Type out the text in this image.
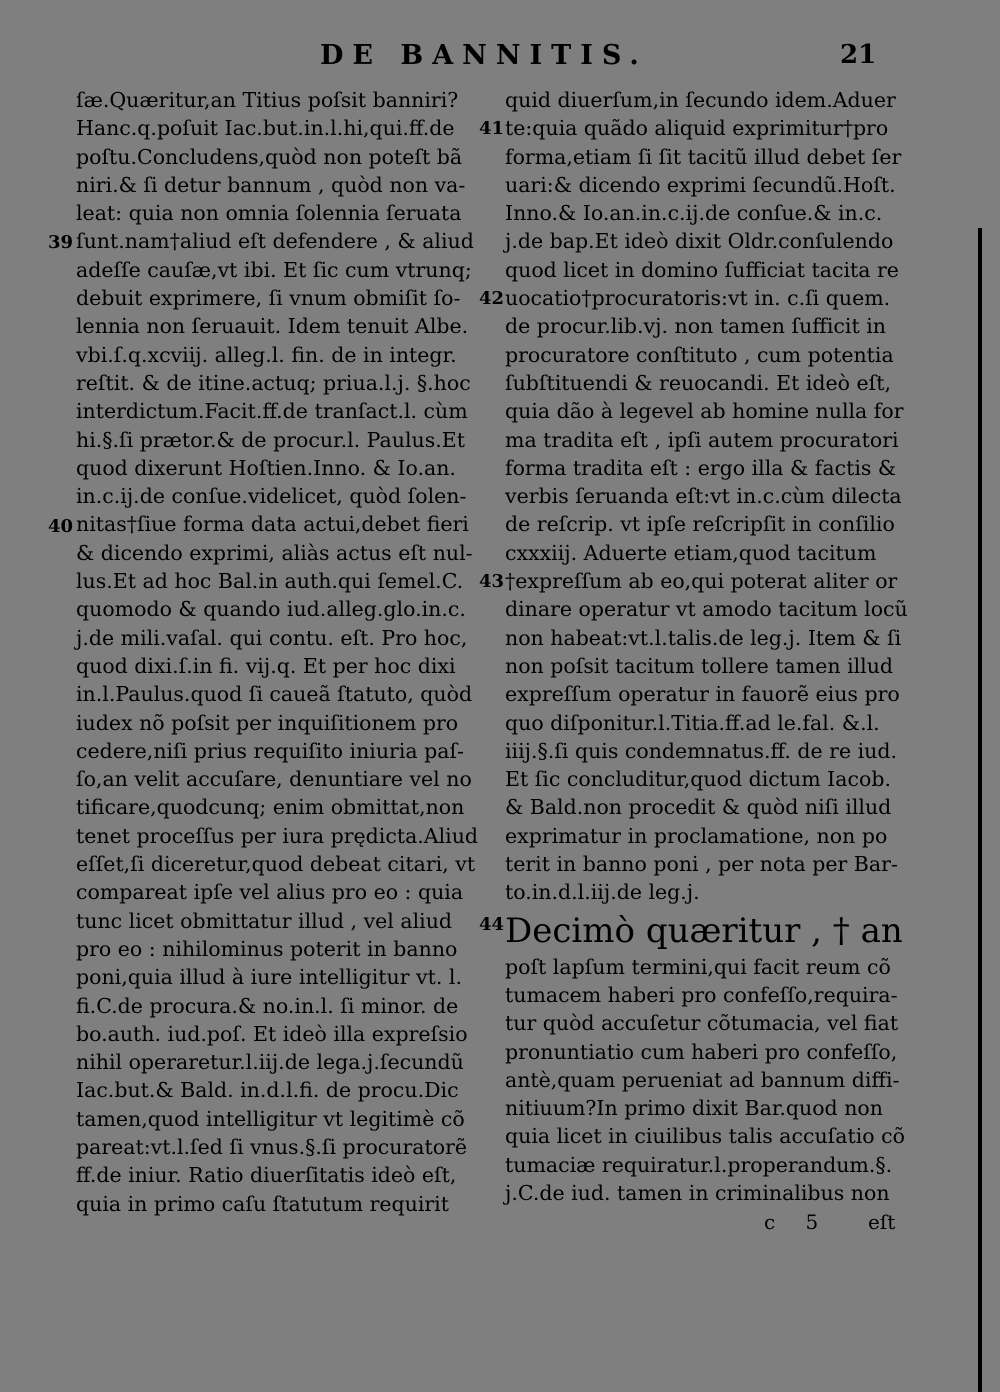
DE BANNITIS.	21
39
40
41
42
43
44
ſæ.Quæritur,an Titius poſsit banniri?
Hanc.q.poſuit Iac.but.in.l.hi,qui.ff.de
poſtu.Concludens,quòd non poteſt bã
niri.& ſi detur bannum , quòd non va-
leat: quia non omnia ſolennia ſeruata
ſunt.nam†aliud eſt defendere , & aliud
adeſſe cauſæ,vt ibi. Et ſic cum vtrunq;
debuit exprimere, ſi vnum obmiſit ſo-
lennia non ſeruauit. Idem tenuit Albe.
vbi.ſ.q.xcviij. alleg.l. fin. de in integr.
reſtit. & de itine.actuq; priua.l.j. §.hoc
interdictum.Facit.ff.de tranſact.l. cùm
hi.§.ſi prætor.& de procur.l. Paulus.Et
quod dixerunt Hoſtien.Inno. & Io.an.
in.c.ij.de conſue.videlicet, quòd ſolen-
nitas†ſiue forma data actui,debet fieri
& dicendo exprimi, aliàs actus eſt nul-
lus.Et ad hoc Bal.in auth.qui ſemel.C.
quomodo & quando iud.alleg.glo.in.c.
j.de mili.vaſal. qui contu. eſt. Pro hoc,
quod dixi.ſ.in fi. vij.q. Et per hoc dixi
in.l.Paulus.quod ſi caueã ſtatuto, quòd
iudex nõ poſsit per inquiſitionem pro
cedere,niſi prius requiſito iniuria paſ-
ſo,an velit accuſare, denuntiare vel no
tificare,quodcunq; enim obmittat,non
tenet proceſſus per iura prędicta.Aliud
eſſet,ſi diceretur,quod debeat citari, vt
compareat ipſe vel alius pro eo : quia
tunc licet obmittatur illud , vel aliud
pro eo : nihilominus poterit in banno
poni,quia illud à iure intelligitur vt. l.
fi.C.de procura.& no.in.l. ſi minor. de
bo.auth. iud.poſ. Et ideò illa expreſsio
nihil operaretur.l.iij.de lega.j.ſecundũ
Iac.but.& Bald. in.d.l.fi. de procu.Dic
tamen,quod intelligitur vt legitimè cõ
pareat:vt.l.ſed ſi vnus.§.ſi procuratorẽ
ff.de iniur. Ratio diuerſitatis ideò eſt,
quia in primo caſu ſtatutum requirit
quid diuerſum,in ſecundo idem.Aduer
te:quia quãdo aliquid exprimitur†pro
forma,etiam ſi ſit tacitũ illud debet ſer
uari:& dicendo exprimi ſecundũ.Hoſt.
Inno.& Io.an.in.c.ij.de conſue.& in.c.
j.de bap.Et ideò dixit Oldr.conſulendo
quod licet in domino ſufficiat tacita re
uocatio†procuratoris:vt in. c.ſi quem.
de procur.lib.vj. non tamen ſufficit in
procuratore conſtituto , cum potentia
ſubſtituendi & reuocandi. Et ideò eſt,
quia dão à legevel ab homine nulla for
ma tradita eſt , ipſi autem procuratori
forma tradita eſt : ergo illa & factis &
verbis ſeruanda eſt:vt in.c.cùm dilecta
de reſcrip. vt ipſe reſcripſit in conſilio
cxxxiij. Aduerte etiam,quod tacitum
†expreſſum ab eo,qui poterat aliter or
dinare operatur vt amodo tacitum locũ
non habeat:vt.l.talis.de leg.j. Item & ſi
non poſsit tacitum tollere tamen illud
expreſſum operatur in fauorẽ eius pro
quo diſponitur.l.Titia.ff.ad le.fal. &.l.
iiij.§.ſi quis condemnatus.ff. de re iud.
Et ſic concluditur,quod dictum Iacob.
& Bald.non procedit & quòd niſi illud
exprimatur in proclamatione, non po
terit in banno poni , per nota per Bar-
to.in.d.l.iij.de leg.j.
Decimò quæritur , † an
poſt lapſum termini,qui facit reum cõ
tumacem haberi pro confeſſo,requira-
tur quòd accuſetur cõtumacia, vel fiat
pronuntiatio cum haberi pro confeſſo,
antè,quam perueniat ad bannum diffi-
nitiuum?In primo dixit Bar.quod non
quia licet in ciuilibus talis accuſatio cõ
tumaciæ requiratur.l.properandum.§.
j.C.de iud. tamen in criminalibus non
c 5 eſt
